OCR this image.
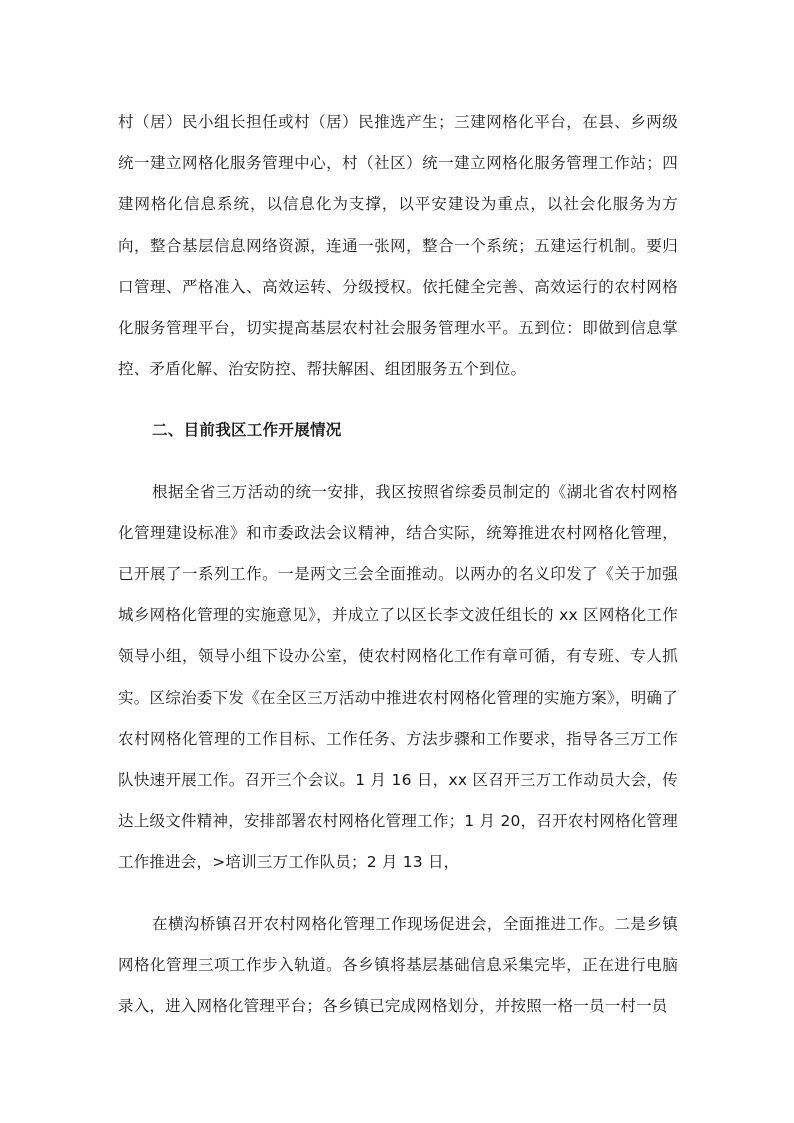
村（居）民小组长担任或村（居）民推选产生；三建网格化平台，在县、乡两级统一建立网格化服务管理中心，村（社区）统一建立网格化服务管理工作站；四建网格化信息系统，以信息化为支撑，以平安建设为重点，以社会化服务为方向，整合基层信息网络资源，连通一张网，整合一个系统；五建运行机制。要归口管理、严格准入、高效运转、分级授权。依托健全完善、高效运行的农村网格化服务管理平台，切实提高基层农村社会服务管理水平。五到位：即做到信息掌控、矛盾化解、治安防控、帮扶解困、组团服务五个到位。

二、目前我区工作开展情况

根据全省三万活动的统一安排，我区按照省综委员制定的《湖北省农村网格化管理建设标准》和市委政法会议精神，结合实际，统筹推进农村网格化管理，已开展了一系列工作。一是两文三会全面推动。以两办的名义印发了《关于加强城乡网格化管理的实施意见》，并成立了以区长李文波任组长的 xx 区网格化工作领导小组，领导小组下设办公室，使农村网格化工作有章可循，有专班、专人抓实。区综治委下发《在全区三万活动中推进农村网格化管理的实施方案》，明确了农村网格化管理的工作目标、工作任务、方法步骤和工作要求，指导各三万工作队快速开展工作。召开三个会议。1 月 16 日，xx 区召开三万工作动员大会，传达上级文件精神，安排部署农村网格化管理工作；1 月 20，召开农村网格化管理工作推进会，>培训三万工作队员；2 月 13 日，

在横沟桥镇召开农村网格化管理工作现场促进会，全面推进工作。二是乡镇网格化管理三项工作步入轨道。各乡镇将基层基础信息采集完毕，正在进行电脑录入，进入网格化管理平台；各乡镇已完成网格划分，并按照一格一员一村一员
